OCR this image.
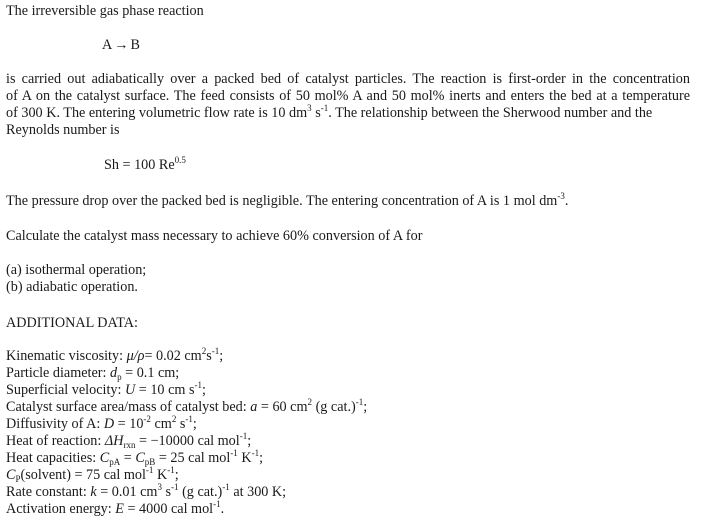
The irreversible gas phase reaction
A → B
is carried out adiabatically over a packed bed of catalyst particles. The reaction is first-order in the concentration
of A on the catalyst surface. The feed consists of 50 mol% A and 50 mol% inerts and enters the bed at a temperature
of 300 K. The entering volumetric flow rate is 10 $dm^3$ $s^{-1}$. The relationship between the Sherwood number and the
Reynolds number is
Sh = 100 $Re^{0.5}$
The pressure drop over the packed bed is negligible. The entering concentration of A is 1 mol $dm^{-3}$.
Calculate the catalyst mass necessary to achieve 60% conversion of A for
(a) isothermal operation;
(b) adiabatic operation.
ADDITIONAL DATA:
Kinematic viscosity: μ/ρ= 0.02 $cm^2s^{-1}$;
Particle diameter: $d_p = 0.1$ cm;
Superficial velocity: U = 10 cm $s^{-1}$;
Catalyst surface area/mass of catalyst bed: a = 60 $cm^2$ (g cat.)$^{-1}$;
Diffusivity of A: $D = 10^{-2}$ $cm^2$ $s^{-1}$;
Heat of reaction: $\Delta H_{rxn} = -10000$ cal mol$^{-1}$;
Heat capacities: $C_{pA} = C_{pB} = 25$ cal mol$^{-1}$ $K^{-1}$;
$C_P(solvent) = 75$ cal mol$^{-1}$ $K^{-1}$;
Rate constant: k = 0.01 $cm^3$ $s^{-1}$ (g cat.)$^{-1}$ at 300 K;
Activation energy: E = 4000 cal mol$^{-1}$.
